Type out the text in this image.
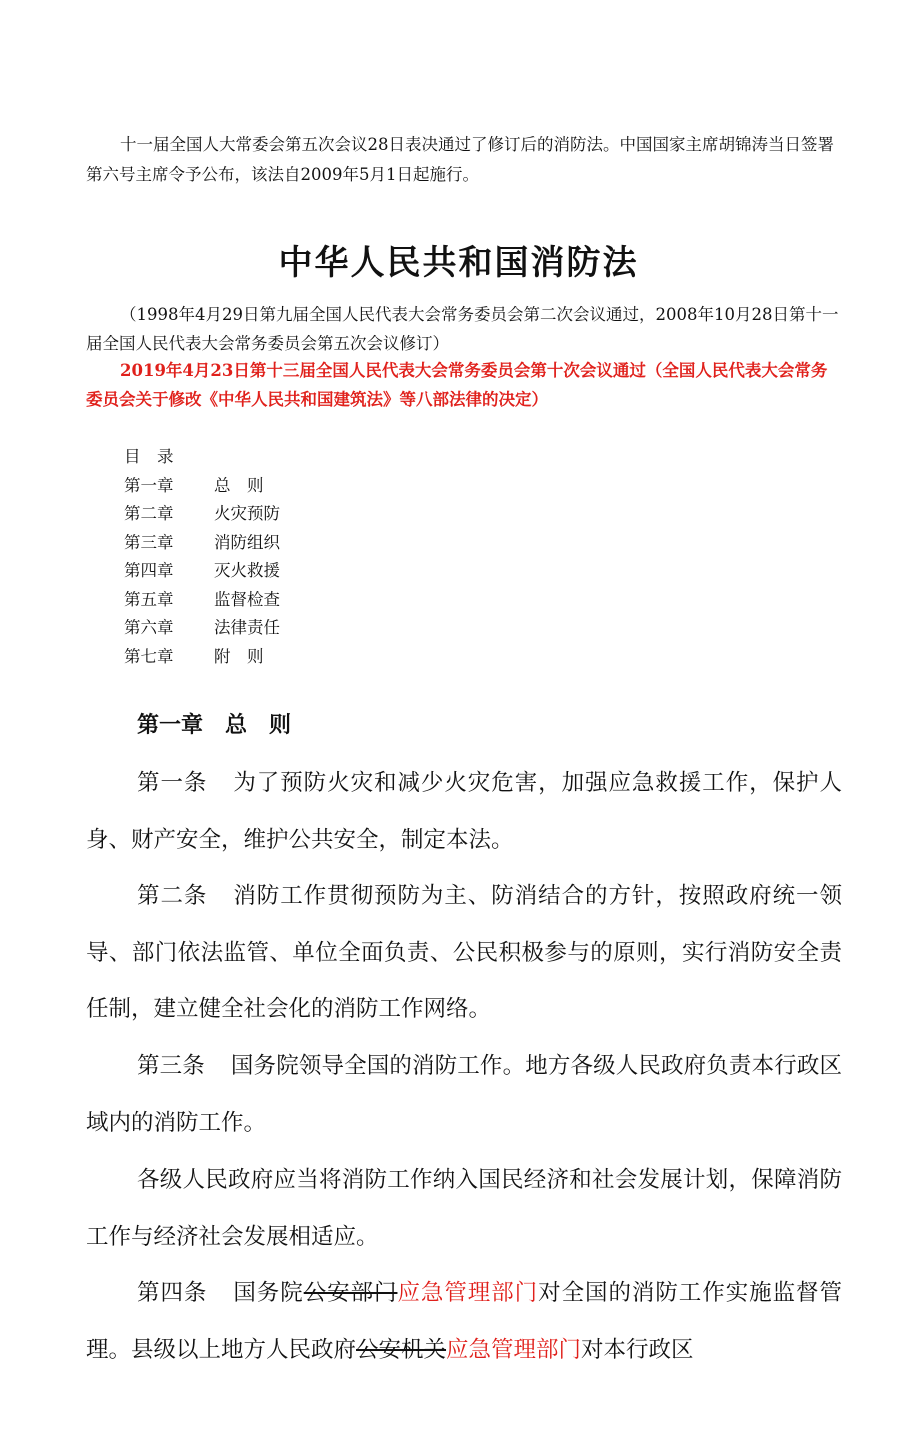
十一届全国人大常委会第五次会议28日表决通过了修订后的消防法。中国国家主席胡锦涛当日签署第六号主席令予公布，该法自2009年5月1日起施行。

中华人民共和国消防法

（1998年4月29日第九届全国人民代表大会常务委员会第二次会议通过，2008年10月28日第十一届全国人民代表大会常务委员会第五次会议修订）

2019年4月23日第十三届全国人民代表大会常务委员会第十次会议通过（全国人民代表大会常务委员会关于修改《中华人民共和国建筑法》等八部法律的决定）

目　录
第一章 总　则
第二章 火灾预防
第三章 消防组织
第四章 灭火救援
第五章 监督检查
第六章 法律责任
第七章 附　则
第一章　总　则

第一条 为了预防火灾和减少火灾危害，加强应急救援工作，保护人身、财产安全，维护公共安全，制定本法。

第二条 消防工作贯彻预防为主、防消结合的方针，按照政府统一领导、部门依法监管、单位全面负责、公民积极参与的原则，实行消防安全责任制，建立健全社会化的消防工作网络。

第三条 国务院领导全国的消防工作。地方各级人民政府负责本行政区域内的消防工作。

各级人民政府应当将消防工作纳入国民经济和社会发展计划，保障消防工作与经济社会发展相适应。

第四条 国务院公安部门应急管理部门对全国的消防工作实施监督管理。县级以上地方人民政府公安机关应急管理部门对本行政区
